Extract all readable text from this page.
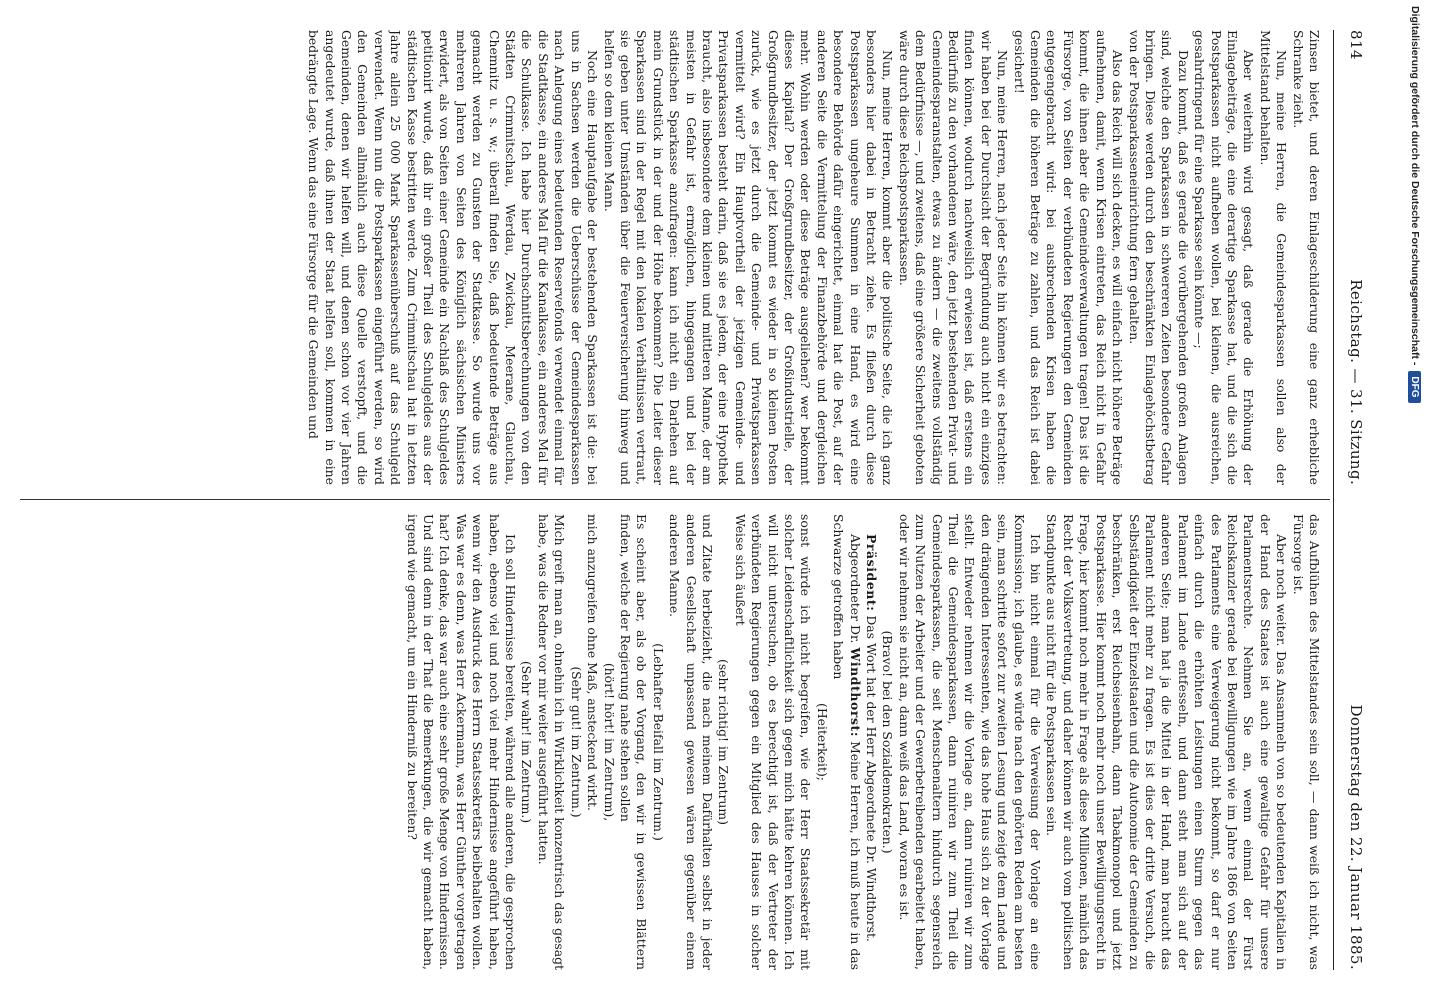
814
Reichstag. — 31. Sitzung.
Donnerstag den 22. Januar 1885.

Zinsen bietet, und deren Einlageschilderung eine ganz erhebliche Schranke zieht.

Nun, meine Herren, die Gemeindesparkassen sollen also der Mittelstand behalten.

Aber weiterhin wird gesagt, daß gerade die Erhöhung der Einlagebeiträge, die eine derartige Sparkasse hat, und die sich die Postsparkassen nicht aufheben wollen, bei kleinen, die ausreichen, gesahrdringend für eine Sparkasse sein könnte —;

Dazu kommt, daß es gerade die vorübergehenden großen Anlagen sind, welche den Sparkassen in schwereren Zeiten besondere Gefahr bringen. Diese werden durch den beschränkten Einlagehöchstbetrag von der Postsparkasseneinrichtung fern gehalten.

Also das Reich will sich decken, es will einfach nicht höhere Beträge aufnehmen, damit, wenn Krisen eintreten, das Reich nicht in Gefahr kommt, die ihnen aber die Gemeindeverwaltungen tragen! Das ist die Fürsorge, von Seiten der verbündeten Regierungen den Gemeinden entgegengebracht wird: bei ausbrechenden Krisen haben die Gemeinden die höheren Beträge zu zahlen, und das Reich ist dabei gesichert!

Nun, meine Herren, nach jeder Seite hin können wir es betrachten: wir haben bei der Durchsicht der Begründung auch nicht ein einziges finden können, wodurch nachweislich erwiesen ist, daß erstens ein Bedürfniß zu den vorhandenen wäre, den jetzt bestehenden Privat- und Gemeindesparanstalten, etwas zu ändern — die zweitens vollständig dem Bedürfnisse —, und zweitens, daß eine größere Sicherheit geboten wäre durch diese Reichspostsparkassen.

Nun, meine Herren, kommt aber die politische Seite, die ich ganz besonders hier dabei in Betracht ziehe. Es fließen durch diese Postsparkassen ungeheure Summen in eine Hand, es wird eine besondere Behörde dafür eingerichtet, einmal hat die Post, auf der anderen Seite die Vermittelung der Finanzbehörde und dergleichen mehr. Wohin werden oder diese Beträge ausgeliehen? wer bekommt dieses Kapital? Der Großgrundbesitzer, der Großindustrielle, der Großgrundbesitzer, der jetzt kommt es wieder in so kleinen Posten zurück, wie es jetzt durch die Gemeinde- und Privatsparkassen vermittelt wird? Ein Hauptvortheil der jetzigen Gemeinde- und Privatsparkassen besteht darin, daß sie es jedem, der eine Hypothek braucht, also insbesondere dem kleinen und mittleren Manne, der am meisten in Gefahr ist, ermöglichen, hingegangen und bei der städtischen Sparkasse anzufragen: kann ich nicht ein Darlehen auf mein Grundstück in der und der Höhe bekommen? Die Leiter dieser Sparkassen sind in der Regel mit den lokalen Verhältnissen vertraut, sie geben unter Umständen über die Feuerversicherung hinweg und helfen so dem kleinen Mann.

Noch eine Hauptaufgabe der bestehenden Sparkassen ist die: bei uns in Sachsen werden die Ueberschüsse der Gemeindesparkassen nach Anlegung eines bedeutenden Reservefonds verwendet einmal für die Stadtkasse, ein anderes Mal für die Kanalkasse, ein anderes Mal für die Schulkasse. Ich habe hier Durchschnittsberechnungen von den Städten Crimmitschau, Werdau, Zwickau, Meerane, Glauchau, Chemnitz u. s. w.; überall finden Sie, daß bedeutende Beträge aus gemacht werden zu Gunsten der Stadtkasse. So wurde uns vor mehreren Jahren von Seiten des Königlich sächsischen Ministers erwidert, als von Seiten einer Gemeinde ein Nachlaß des Schulgeldes petitionirt wurde, daß ihr ein großer Theil des Schulgeldes aus der städtischen Kasse bestritten werde. Zum Crimmitschau hat in letzten Jahre allein 25 000 Mark Sparkassenüberschuß auf das Schulgeld verwendet. Wenn nun die Postsparkassen eingeführt werden, so wird den Gemeinden allmählich auch diese Quelle verstopft, und die Gemeinden, denen wir helfen will, und denen schon vor vier Jahren angedeutet wurde, daß ihnen der Staat helfen soll, kommen in eine bedrängte Lage. Wenn das eine Fürsorge für die Gemeinden und

das Aufblühen des Mittelstandes sein soll, — dann weiß ich nicht, was Fürsorge ist.

Aber noch weiter. Das Ansammeln von so bedeutenden Kapitalien in der Hand des Staates ist auch eine gewaltige Gefahr für unsere Parlamentsrechte. Nehmen Sie an, wenn einmal der Fürst Reichskanzler gerade bei Bewilligungen wie im Jahre 1866 von Seiten des Parlaments eine Verweigerung nicht bekommt, so darf er nur einfach durch die erhöhten Leistungen einen Sturm gegen das Parlament im Lande entfesseln, und dann steht man sich auf der anderen Seite; man hat ja die Mittel in der Hand, man braucht das Parlament nicht mehr zu fragen. Es ist dies der dritte Versuch, die Selbständigkeit der Einzelstaaten und die Autonomie der Gemeinden zu beschränken, erst Reichseisenbahn, dann Tabakmonopol und jetzt Postsparkasse. Hier kommt noch mehr noch unser Bewilligungsrecht in Frage, hier kommt noch mehr in Frage als diese Millionen, nämlich das Recht der Volksvertretung, und daher können wir auch vom politischen Standpunkte aus nicht für die Postsparkassen sein.

Ich bin nicht einmal für die Verweisung der Vorlage an eine Kommission; ich glaube, es würde nach den gehörten Reden am besten sein, man schritte sofort zur zweiten Lesung und zeigte dem Lande und den drängenden Interessenten, wie das hohe Haus sich zu der Vorlage stellt. Entweder nehmen wir die Vorlage an, dann ruiniren wir zum Theil die Gemeindesparkassen, dann ruiniren wir zum Theil die Gemeindesparkassen, die seit Menschenaltern hindurch segensreich zum Nutzen der Arbeiter und der Gewerbetreibenden gearbeitet haben, oder wir nehmen sie nicht an, dann weiß das Land, woran es ist.

(Bravo! bei den Sozialdemokraten.)

Präsident: Das Wort hat der Herr Abgeordnete Dr. Windthorst.

Abgeordneter Dr. Windthorst: Meine Herren, ich muß heute in das Schwarze getroffen haben

(Heiterkeit);

sonst würde ich nicht begreifen, wie der Herr Staatssekretär mit solcher Leidenschaftlichkeit sich gegen mich hätte kehren können. Ich will nicht untersuchen, ob es berechtigt ist, daß der Vertreter der verbündeten Regierungen gegen ein Mitglied des Hauses in solcher Weise sich äußert

(sehr richtig! im Zentrum)

und Zitate herbeizieht, die nach meinem Dafürhalten selbst in jeder anderen Gesellschaft unpassend gewesen wären gegenüber einem anderen Manne.

(Lebhafter Beifall im Zentrum.)

Es scheint aber, als ob der Vorgang, den wir in gewissen Blättern finden, welche der Regierung nahe stehen sollen

(hört! hört! im Zentrum),

mich anzugreifen ohne Maß, ansteckend wirkt.

(Sehr gut! im Zentrum.)

Mich greift man an, ohnehin ich in Wirklichkeit konzentrisch das gesagt habe, was die Redner vor mir weiter ausgeführt hatten.

(Sehr wahr! im Zentrum.)

Ich soll Hindernisse bereiten, während alle anderen, die gesprochen haben, ebenso viel und noch viel mehr Hindernisse angeführt haben, wenn wir den Ausdruck des Herrn Staatssekretärs beibehalten wollen. Was war es denn, was Herr Ackermann, was Herr Günther vorgetragen hat? Ich denke, das war auch eine sehr große Menge von Hindernissen. Und sind denn in der That die Bemerkungen, die wir gemacht haben, irgend wie gemacht, um ein Hinderniß zu bereiten?

Digitalisierung gefördert durch die Deutsche Forschungsgemeinschaft -
DFG
